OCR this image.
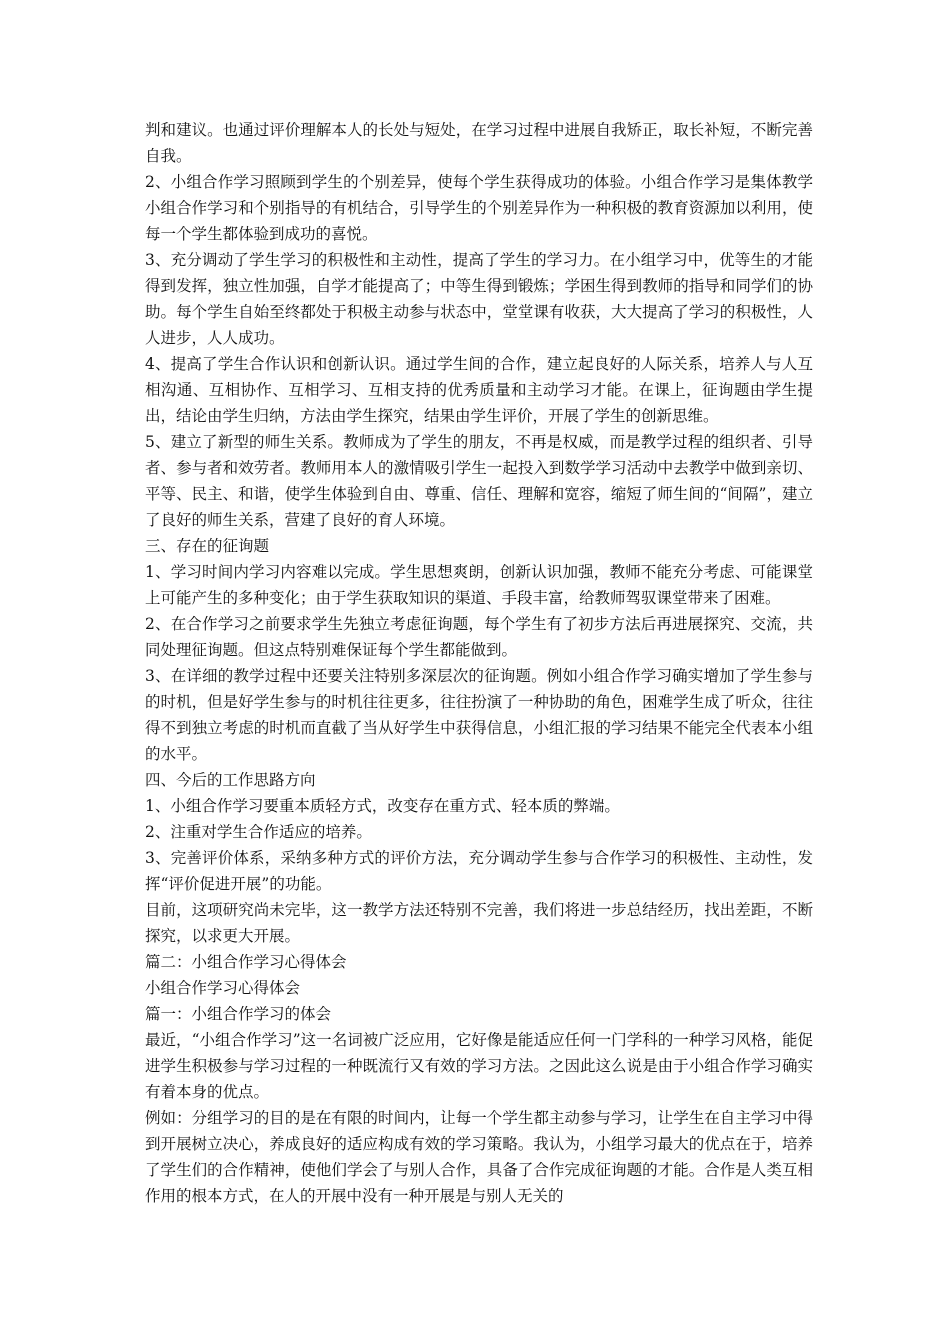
判和建议。也通过评价理解本人的长处与短处，在学习过程中进展自我矫正，取长补短，不断完善自我。

2、小组合作学习照顾到学生的个别差异，使每个学生获得成功的体验。小组合作学习是集体教学小组合作学习和个别指导的有机结合，引导学生的个别差异作为一种积极的教育资源加以利用，使每一个学生都体验到成功的喜悦。

3、充分调动了学生学习的积极性和主动性，提高了学生的学习力。在小组学习中，优等生的才能得到发挥，独立性加强，自学才能提高了；中等生得到锻炼；学困生得到教师的指导和同学们的协助。每个学生自始至终都处于积极主动参与状态中，堂堂课有收获，大大提高了学习的积极性，人人进步，人人成功。

4、提高了学生合作认识和创新认识。通过学生间的合作，建立起良好的人际关系，培养人与人互相沟通、互相协作、互相学习、互相支持的优秀质量和主动学习才能。在课上，征询题由学生提出，结论由学生归纳，方法由学生探究，结果由学生评价，开展了学生的创新思维。

5、建立了新型的师生关系。教师成为了学生的朋友，不再是权威，而是教学过程的组织者、引导者、参与者和效劳者。教师用本人的激情吸引学生一起投入到数学学习活动中去教学中做到亲切、平等、民主、和谐，使学生体验到自由、尊重、信任、理解和宽容，缩短了师生间的“间隔”，建立了良好的师生关系，营建了良好的育人环境。

三、存在的征询题

1、学习时间内学习内容难以完成。学生思想爽朗，创新认识加强，教师不能充分考虑、可能课堂上可能产生的多种变化；由于学生获取知识的渠道、手段丰富，给教师驾驭课堂带来了困难。

2、在合作学习之前要求学生先独立考虑征询题，每个学生有了初步方法后再进展探究、交流，共同处理征询题。但这点特别难保证每个学生都能做到。

3、在详细的教学过程中还要关注特别多深层次的征询题。例如小组合作学习确实增加了学生参与的时机，但是好学生参与的时机往往更多，往往扮演了一种协助的角色，困难学生成了听众，往往得不到独立考虑的时机而直截了当从好学生中获得信息，小组汇报的学习结果不能完全代表本小组的水平。

四、今后的工作思路方向

1、小组合作学习要重本质轻方式，改变存在重方式、轻本质的弊端。

2、注重对学生合作适应的培养。

3、完善评价体系，采纳多种方式的评价方法，充分调动学生参与合作学习的积极性、主动性，发挥“评价促进开展”的功能。

目前，这项研究尚未完毕，这一教学方法还特别不完善，我们将进一步总结经历，找出差距，不断探究，以求更大开展。

篇二：小组合作学习心得体会

小组合作学习心得体会

篇一：小组合作学习的体会

最近，“小组合作学习”这一名词被广泛应用，它好像是能适应任何一门学科的一种学习风格，能促进学生积极参与学习过程的一种既流行又有效的学习方法。之因此这么说是由于小组合作学习确实有着本身的优点。

例如：分组学习的目的是在有限的时间内，让每一个学生都主动参与学习，让学生在自主学习中得到开展树立决心，养成良好的适应构成有效的学习策略。我认为，小组学习最大的优点在于，培养了学生们的合作精神，使他们学会了与别人合作，具备了合作完成征询题的才能。合作是人类互相作用的根本方式，在人的开展中没有一种开展是与别人无关的
